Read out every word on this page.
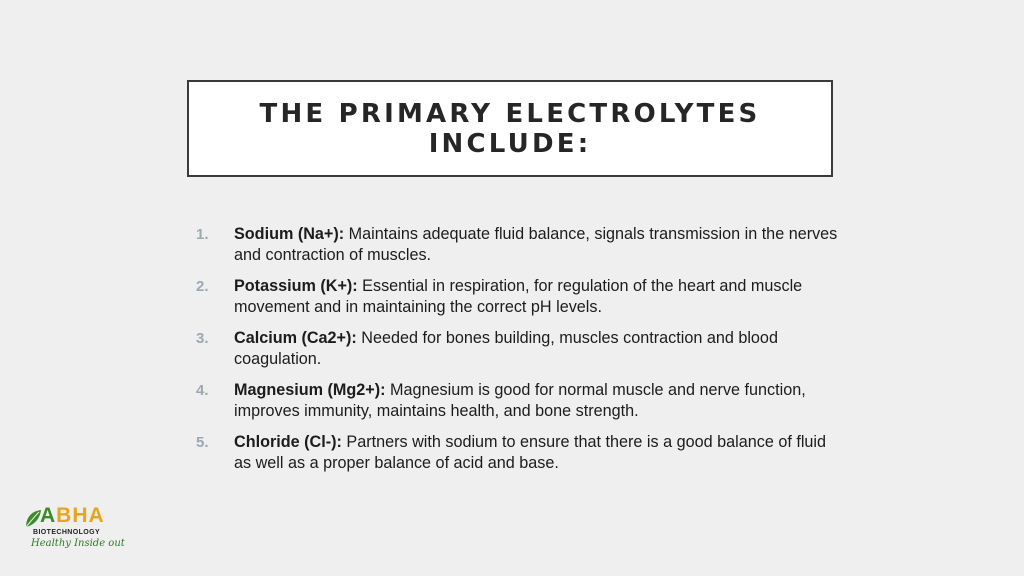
THE PRIMARY ELECTROLYTES INCLUDE:
1.	Sodium (Na+): Maintains adequate fluid balance, signals transmission in the nerves and contraction of muscles.
2.	Potassium (K+): Essential in respiration, for regulation of the heart and muscle movement and in maintaining the correct pH levels.
3.	Calcium (Ca2+): Needed for bones building, muscles contraction and blood coagulation.
4.	Magnesium (Mg2+): Magnesium is good for normal muscle and nerve function, improves immunity, maintains health, and bone strength.
5.	Chloride (Cl-): Partners with sodium to ensure that there is a good balance of fluid as well as a proper balance of acid and base.
ABHA
BIOTECHNOLOGY
Healthy Inside out
